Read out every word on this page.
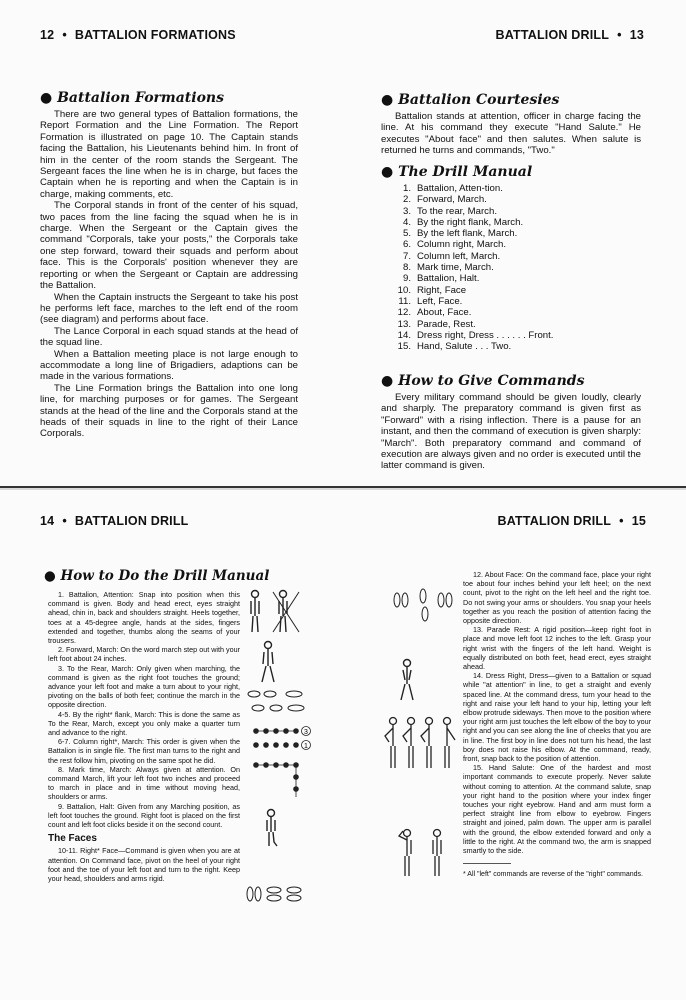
12 • BATTALION FORMATIONS
● Battalion Formations

There are two general types of Battalion formations, the Report Formation and the Line Formation. The Report Formation is illustrated on page 10. The Captain stands facing the Battalion, his Lieutenants behind him. In front of him in the center of the room stands the Sergeant. The Sergeant faces the line when he is in charge, but faces the Captain when he is reporting and when the Captain is in charge, making comments, etc.

The Corporal stands in front of the center of his squad, two paces from the line facing the squad when he is in charge. When the Sergeant or the Captain gives the command "Corporals, take your posts," the Corporals take one step forward, toward their squads and perform about face. This is the Corporals' position whenever they are reporting or when the Sergeant or Captain are addressing the Battalion.

When the Captain instructs the Sergeant to take his post he performs left face, marches to the left end of the room (see diagram) and performs about face.

The Lance Corporal in each squad stands at the head of the squad line.

When a Battalion meeting place is not large enough to accommodate a long line of Brigadiers, adaptions can be made in the various formations.

The Line Formation brings the Battalion into one long line, for marching purposes or for games. The Sergeant stands at the head of the line and the Corporals stand at the heads of their squads in line to the right of their Lance Corporals.

BATTALION DRILL • 13
● Battalion Courtesies

Battalion stands at attention, officer in charge facing the line. At his command they execute "Hand Salute." He executes "About face" and then salutes. When salute is returned he turns and commands, "Two."

● The Drill Manual
1. Battalion, Atten-tion.
2. Forward, March.
3. To the rear, March.
4. By the right flank, March.
5. By the left flank, March.
6. Column right, March.
7. Column left, March.
8. Mark time, March.
9. Battalion, Halt.
10. Right, Face
11. Left, Face.
12. About, Face.
13. Parade, Rest.
14. Dress right, Dress . . . . . . Front.
15. Hand, Salute . . . Two.
● How to Give Commands

Every military command should be given loudly, clearly and sharply. The preparatory command is given first as "Forward" with a rising inflection. There is a pause for an instant, and then the command of execution is given sharply: "March". Both preparatory command and command of execution are always given and no order is executed until the latter command is given.

14 • BATTALION DRILL
● How to Do the Drill Manual

1. Battalion, Attention: Snap into position when this command is given. Body and head erect, eyes straight ahead, chin in, back and shoulders straight. Heels together, toes at a 45-degree angle, hands at the sides, fingers extended and together, thumbs along the seams of your trousers.

2. Forward, March: On the word march step out with your left foot about 24 inches.

3. To the Rear, March: Only given when marching, the command is given as the right foot touches the ground; advance your left foot and make a turn about to your right, pivoting on the balls of both feet; continue the march in the opposite direction.

4-5. By the right* flank, March: This is done the same as To the Rear, March, except you only make a quarter turn and advance to the right.

6-7. Column right*, March: This order is given when the Battalion is in single file. The first man turns to the right and the rest follow him, pivoting on the same spot he did.

8. Mark time, March: Always given at attention. On command March, lift your left foot two inches and proceed to march in place and in time without moving head, shoulders or arms.

9. Battalion, Halt: Given from any Marching position, as left foot touches the ground. Right foot is placed on the first count and left foot clicks beside it on the second count.

The Faces

10-11. Right* Face—Command is given when you are at attention. On Command face, pivot on the heel of your right foot and the toe of your left foot and turn to the right. Keep your head, shoulders and arms rigid.

3
1
BATTALION DRILL • 15

12. About Face: On the command face, place your right toe about four inches behind your left heel; on the next count, pivot to the right on the left heel and the right toe. Do not swing your arms or shoulders. You snap your heels together as you reach the position of attention facing the opposite direction.

13. Parade Rest: A rigid position—keep right foot in place and move left foot 12 inches to the left. Grasp your right wrist with the fingers of the left hand. Weight is equally distributed on both feet, head erect, eyes straight ahead.

14. Dress Right, Dress—given to a Battalion or squad while "at attention" in line, to get a straight and evenly spaced line. At the command dress, turn your head to the right and raise your left hand to your hip, letting your left elbow protrude sideways. Then move to the position where your right arm just touches the left elbow of the boy to your right and you can see along the line of cheeks that you are in line. The first boy in line does not turn his head, the last boy does not raise his elbow. At the command, ready, front, snap back to the position of attention.

15. Hand Salute: One of the hardest and most important commands to execute properly. Never salute without coming to attention. At the command salute, snap your right hand to the position where your index finger touches your right eyebrow. Hand and arm must form a perfect straight line from elbow to eyebrow. Fingers straight and joined, palm down. The upper arm is parallel with the ground, the elbow extended forward and only a little to the right. At the command two, the arm is snapped smartly to the side.

* All "left" commands are reverse of the "right" commands.
